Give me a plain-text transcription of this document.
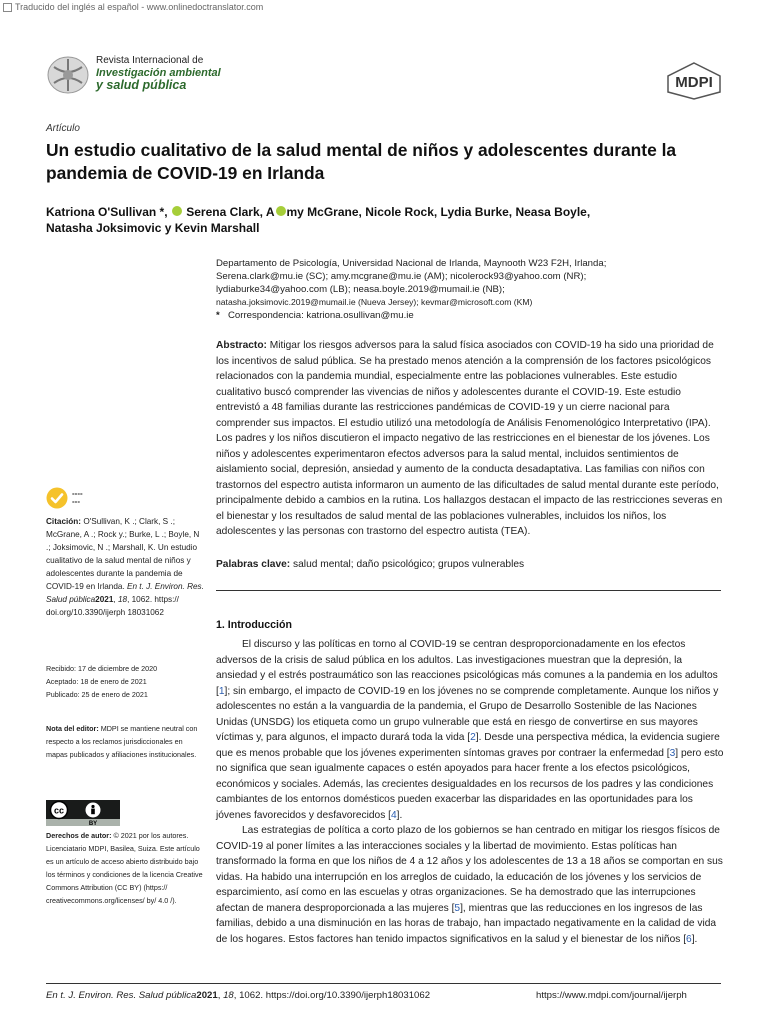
Traducido del inglés al español - www.onlinedoctranslator.com
Revista Internacional de
Investigación ambiental
y salud pública	MDPI
Artículo
Un estudio cualitativo de la salud mental de niños y adolescentes durante la pandemia de COVID-19 en Irlanda
Katriona O'Sullivan *, Serena Clark, A my McGrane, Nicole Rock, Lydia Burke, Neasa Boyle,
Natasha Joksimovic y Kevin Marshall
Departamento de Psicología, Universidad Nacional de Irlanda, Maynooth W23 F2H, Irlanda;
Serena.clark@mu.ie (SC); amy.mcgrane@mu.ie (AM); nicolerock93@yahoo.com (NR);
lydiaburke34@yahoo.com (LB); neasa.boyle.2019@mumail.ie (NB);
natasha.joksimovic.2019@mumail.ie (Nueva Jersey); kevmar@microsoft.com (KM)
* Correspondencia: katriona.osullivan@mu.ie
Abstracto: Mitigar los riesgos adversos para la salud física asociados con COVID-19 ha sido una prioridad de los incentivos de salud pública. Se ha prestado menos atención a la comprensión de los factores psicológicos relacionados con la pandemia mundial, especialmente entre las poblaciones vulnerables. Este estudio cualitativo buscó comprender las vivencias de niños y adolescentes durante el COVID-19. Este estudio entrevistó a 48 familias durante las restricciones pandémicas de COVID-19 y un cierre nacional para comprender sus impactos. El estudio utilizó una metodología de Análisis Fenomenológico Interpretativo (IPA). Los padres y los niños discutieron el impacto negativo de las restricciones en el bienestar de los jóvenes. Los niños y adolescentes experimentaron efectos adversos para la salud mental, incluidos sentimientos de aislamiento social, depresión, ansiedad y aumento de la conducta desadaptativa. Las familias con niños con trastornos del espectro autista informaron un aumento de las dificultades de salud mental durante este período, principalmente debido a cambios en la rutina. Los hallazgos destacan el impacto de las restricciones severas en el bienestar y los resultados de salud mental de las poblaciones vulnerables, incluidos los niños, los adolescentes y las personas con trastorno del espectro autista (TEA).
Palabras clave: salud mental; daño psicológico; grupos vulnerables
1. Introducción

El discurso y las políticas en torno al COVID-19 se centran desproporcionadamente en los efectos adversos de la crisis de salud pública en los adultos. Las investigaciones muestran que la depresión, la ansiedad y el estrés postraumático son las reacciones psicológicas más comunes a la pandemia en los adultos [1]; sin embargo, el impacto de COVID-19 en los jóvenes no se comprende completamente. Aunque los niños y adolescentes no están a la vanguardia de la pandemia, el Grupo de Desarrollo Sostenible de las Naciones Unidas (UNSDG) los etiqueta como un grupo vulnerable que está en riesgo de convertirse en sus mayores víctimas y, para algunos, el impacto durará toda la vida [2]. Desde una perspectiva médica, la evidencia sugiere que es menos probable que los jóvenes experimenten síntomas graves por contraer la enfermedad [3] pero esto no significa que sean igualmente capaces o estén apoyados para hacer frente a los efectos psicológicos, económicos y sociales. Además, las crecientes desigualdades en los recursos de los padres y las condiciones cambiantes de los entornos domésticos pueden exacerbar las disparidades en las oportunidades para los jóvenes favorecidos y desfavorecidos [4].

Las estrategias de política a corto plazo de los gobiernos se han centrado en mitigar los riesgos físicos de COVID-19 al poner límites a las interacciones sociales y la libertad de movimiento. Estas políticas han transformado la forma en que los niños de 4 a 12 años y los adolescentes de 13 a 18 años se comportan en sus vidas. Ha habido una interrupción en los arreglos de cuidado, la educación de los jóvenes y los servicios de esparcimiento, así como en las escuelas y otras organizaciones. Se ha demostrado que las interrupciones afectan de manera desproporcionada a las mujeres [5], mientras que las reducciones en los ingresos de las familias, debido a una disminución en las horas de trabajo, han impactado negativamente en la calidad de vida de los hogares. Estos factores han tenido impactos significativos en la salud y el bienestar de los niños [6].

----
---
Citación: O'Sullivan, K .; Clark, S .; McGrane, A .; Rock y.; Burke, L .; Boyle, N .; Joksimovic, N .; Marshall, K. Un estudio cualitativo de la salud mental de niños y adolescentes durante la pandemia de COVID-19 en Irlanda. En t. J. Environ. Res. Salud pública2021, 18, 1062. https:// doi.org/10.3390/ijerph 18031062
Recibido: 17 de diciembre de 2020
Aceptado: 18 de enero de 2021
Publicado: 25 de enero de 2021
Nota del editor: MDPI se mantiene neutral con respecto a los reclamos jurisdiccionales en mapas publicados y afiliaciones institucionales.
cc
BY
Derechos de autor: © 2021 por los autores. Licenciatario MDPI, Basilea, Suiza. Este artículo es un artículo de acceso abierto distribuido bajo los términos y condiciones de la licencia Creative Commons Attribution (CC BY) (https:// creativecommons.org/licenses/ by/ 4.0 /).
En t. J. Environ. Res. Salud pública2021, 18, 1062. https://doi.org/10.3390/ijerph18031062	https://www.mdpi.com/journal/ijerph
